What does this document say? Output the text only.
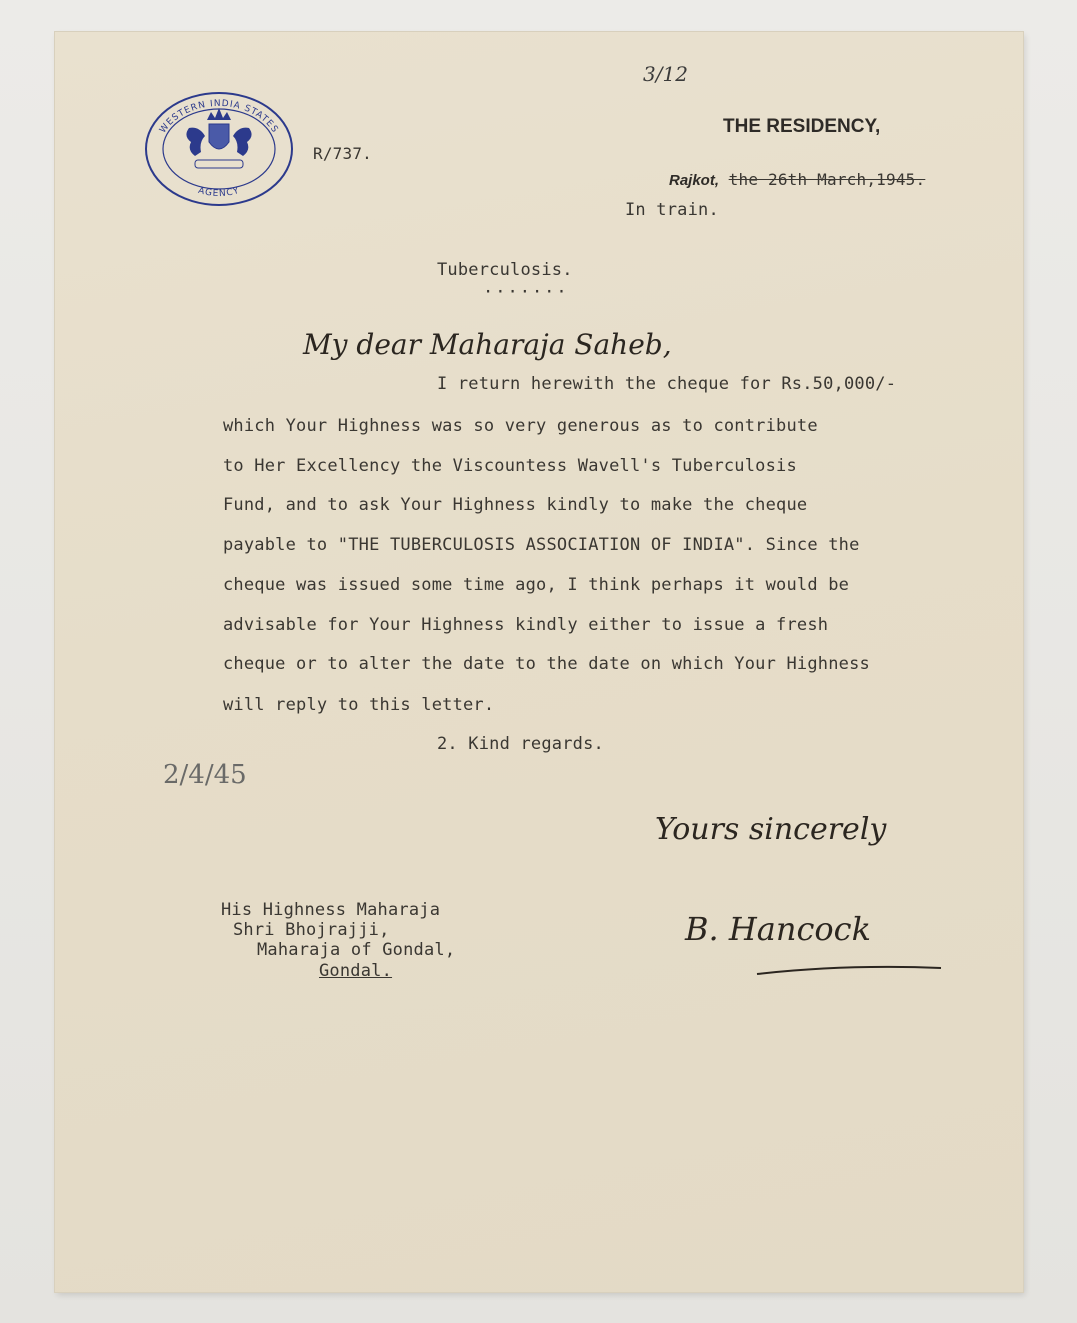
WESTERN INDIA STATES
AGENCY
R/737.
3/12
THE RESIDENCY,
Rajkot, the 26th March,1945.
In train.
Tuberculosis.
·······
My dear Maharaja Saheb,
I return herewith the cheque for Rs.50,000/-
which Your Highness was so very generous as to contribute
to Her Excellency the Viscountess Wavell's Tuberculosis
Fund, and to ask Your Highness kindly to make the cheque
payable to "THE TUBERCULOSIS ASSOCIATION OF INDIA". Since the
cheque was issued some time ago, I think perhaps it would be
advisable for Your Highness kindly either to issue a fresh
cheque or to alter the date to the date on which Your Highness
will reply to this letter.
2. Kind regards.
2/4/45
Yours sincerely
B. Hancock
His Highness Maharaja
Shri Bhojrajji,
Maharaja of Gondal,
Gondal.
